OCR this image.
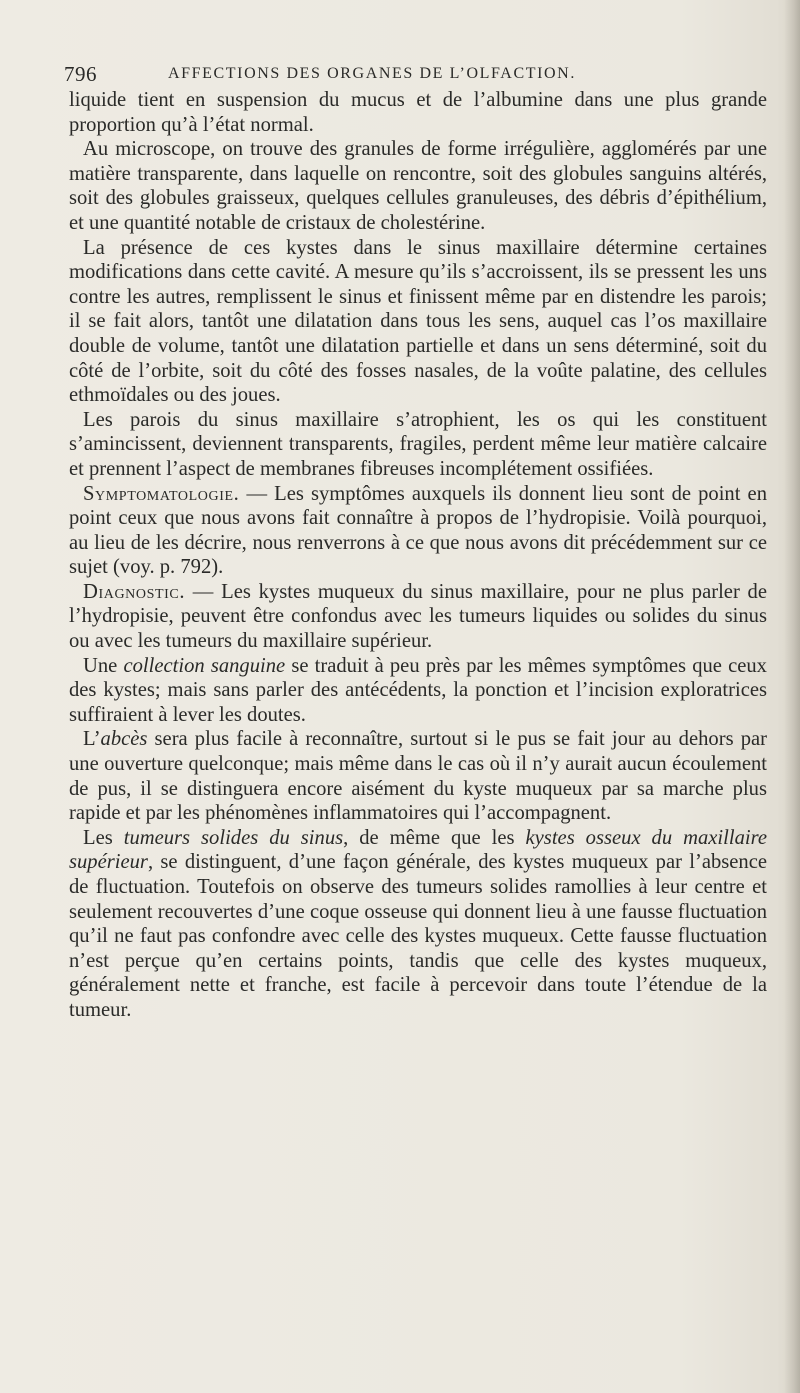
796	AFFECTIONS DES ORGANES DE L’OLFACTION.

liquide tient en suspension du mucus et de l’albumine dans une plus grande proportion qu’à l’état normal.

Au microscope, on trouve des granules de forme irrégulière, agglomérés par une matière transparente, dans laquelle on rencontre, soit des globules sanguins altérés, soit des globules graisseux, quelques cellules granuleuses, des débris d’épithélium, et une quantité notable de cristaux de cholestérine.

La présence de ces kystes dans le sinus maxillaire détermine certaines modifications dans cette cavité. A mesure qu’ils s’accroissent, ils se pressent les uns contre les autres, remplissent le sinus et finissent même par en distendre les parois; il se fait alors, tantôt une dilatation dans tous les sens, auquel cas l’os maxillaire double de volume, tantôt une dilatation partielle et dans un sens déterminé, soit du côté de l’orbite, soit du côté des fosses nasales, de la voûte palatine, des cellules ethmoïdales ou des joues.

Les parois du sinus maxillaire s’atrophient, les os qui les constituent s’amincissent, deviennent transparents, fragiles, perdent même leur matière calcaire et prennent l’aspect de membranes fibreuses incomplétement ossifiées.

Symptomatologie. — Les symptômes auxquels ils donnent lieu sont de point en point ceux que nous avons fait connaître à propos de l’hydropisie. Voilà pourquoi, au lieu de les décrire, nous renverrons à ce que nous avons dit précédemment sur ce sujet (voy. p. 792).

Diagnostic. — Les kystes muqueux du sinus maxillaire, pour ne plus parler de l’hydropisie, peuvent être confondus avec les tumeurs liquides ou solides du sinus ou avec les tumeurs du maxillaire supérieur.

Une collection sanguine se traduit à peu près par les mêmes symptômes que ceux des kystes; mais sans parler des antécédents, la ponction et l’incision exploratrices suffiraient à lever les doutes.

L’abcès sera plus facile à reconnaître, surtout si le pus se fait jour au dehors par une ouverture quelconque; mais même dans le cas où il n’y aurait aucun écoulement de pus, il se distinguera encore aisément du kyste muqueux par sa marche plus rapide et par les phénomènes inflammatoires qui l’accompagnent.

Les tumeurs solides du sinus, de même que les kystes osseux du maxillaire supérieur, se distinguent, d’une façon générale, des kystes muqueux par l’absence de fluctuation. Toutefois on observe des tumeurs solides ramollies à leur centre et seulement recouvertes d’une coque osseuse qui donnent lieu à une fausse fluctuation qu’il ne faut pas confondre avec celle des kystes muqueux. Cette fausse fluctuation n’est perçue qu’en certains points, tandis que celle des kystes muqueux, généralement nette et franche, est facile à percevoir dans toute l’étendue de la tumeur.
